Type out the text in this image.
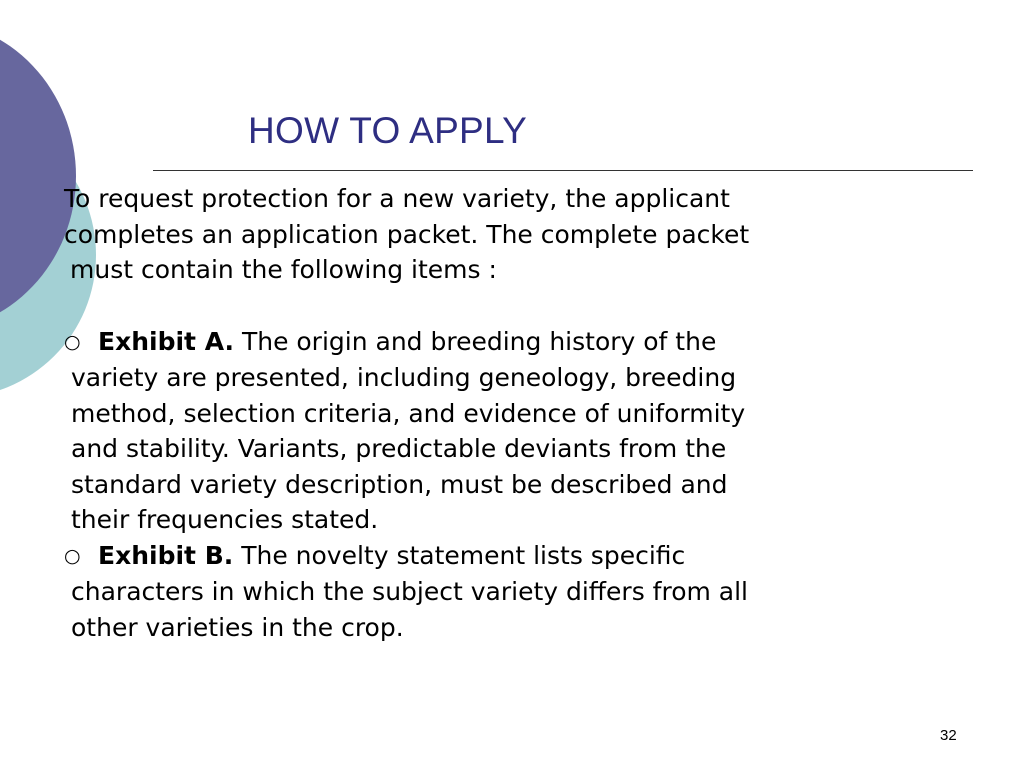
HOW TO APPLY
To request protection for a new variety, the applicant
completes an application packet. The complete packet
must contain the following items :
○ Exhibit A. The origin and breeding history of the
variety are presented, including geneology, breeding
method, selection criteria, and evidence of uniformity
and stability. Variants, predictable deviants from the
standard variety description, must be described and
their frequencies stated.
○ Exhibit B. The novelty statement lists specific
characters in which the subject variety differs from all
other varieties in the crop.
32
